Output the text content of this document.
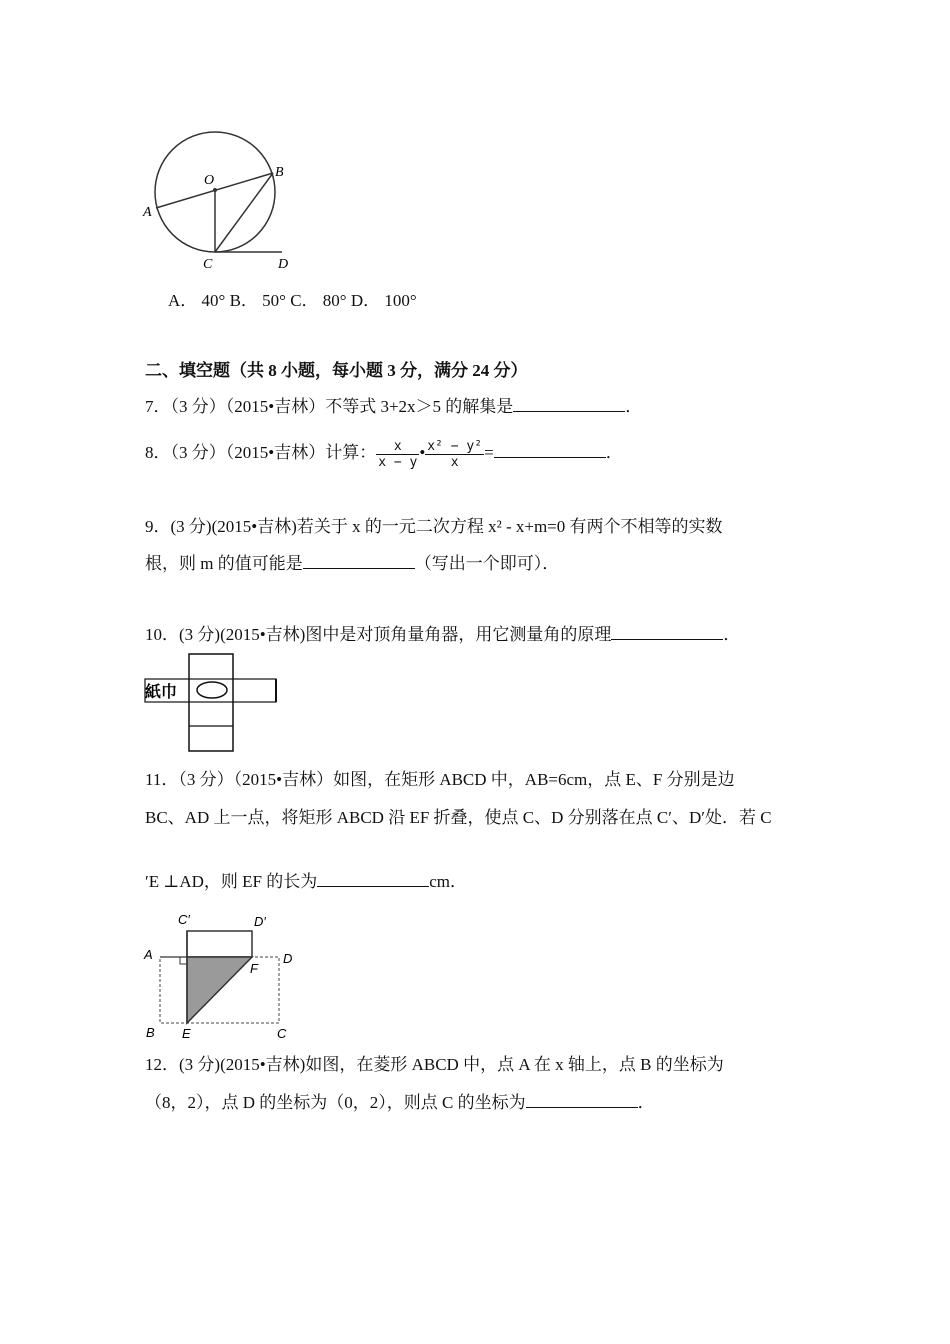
O
A
B
C	D
A． 40° B． 50° C． 80° D． 100°
二、填空题（共 8 小题，每小题 3 分，满分 24 分）
7．（3 分）（2015•吉林）不等式 3+2x＞5 的解集是	．
8．（3 分）（2015•吉林）计算： $\frac{x}{x - y}$ • $\frac{\text{x² − y²}}{x}$ =	．
9．(3 分)(2015•吉林)若关于 x 的一元二次方程 x² - x+m=0 有两个不相等的实数
根，则 m 的值可能是	（写出一个即可）．
10．(3 分)(2015•吉林)图中是对顶角量角器，用它测量角的原理	．
紙巾
11．（3 分）（2015•吉林）如图，在矩形 ABCD 中，AB=6cm，点 E、F 分别是边
BC、AD 上一点，将矩形 ABCD 沿 EF 折叠，使点 C、D 分别落在点 C′、D′处．若 C
′E ⊥AD，则 EF 的长为	cm．
C′	D′
A	D
F
B E	C
12．(3 分)(2015•吉林)如图，在菱形 ABCD 中，点 A 在 x 轴上，点 B 的坐标为
（8，2），点 D 的坐标为（0，2），则点 C 的坐标为	．
